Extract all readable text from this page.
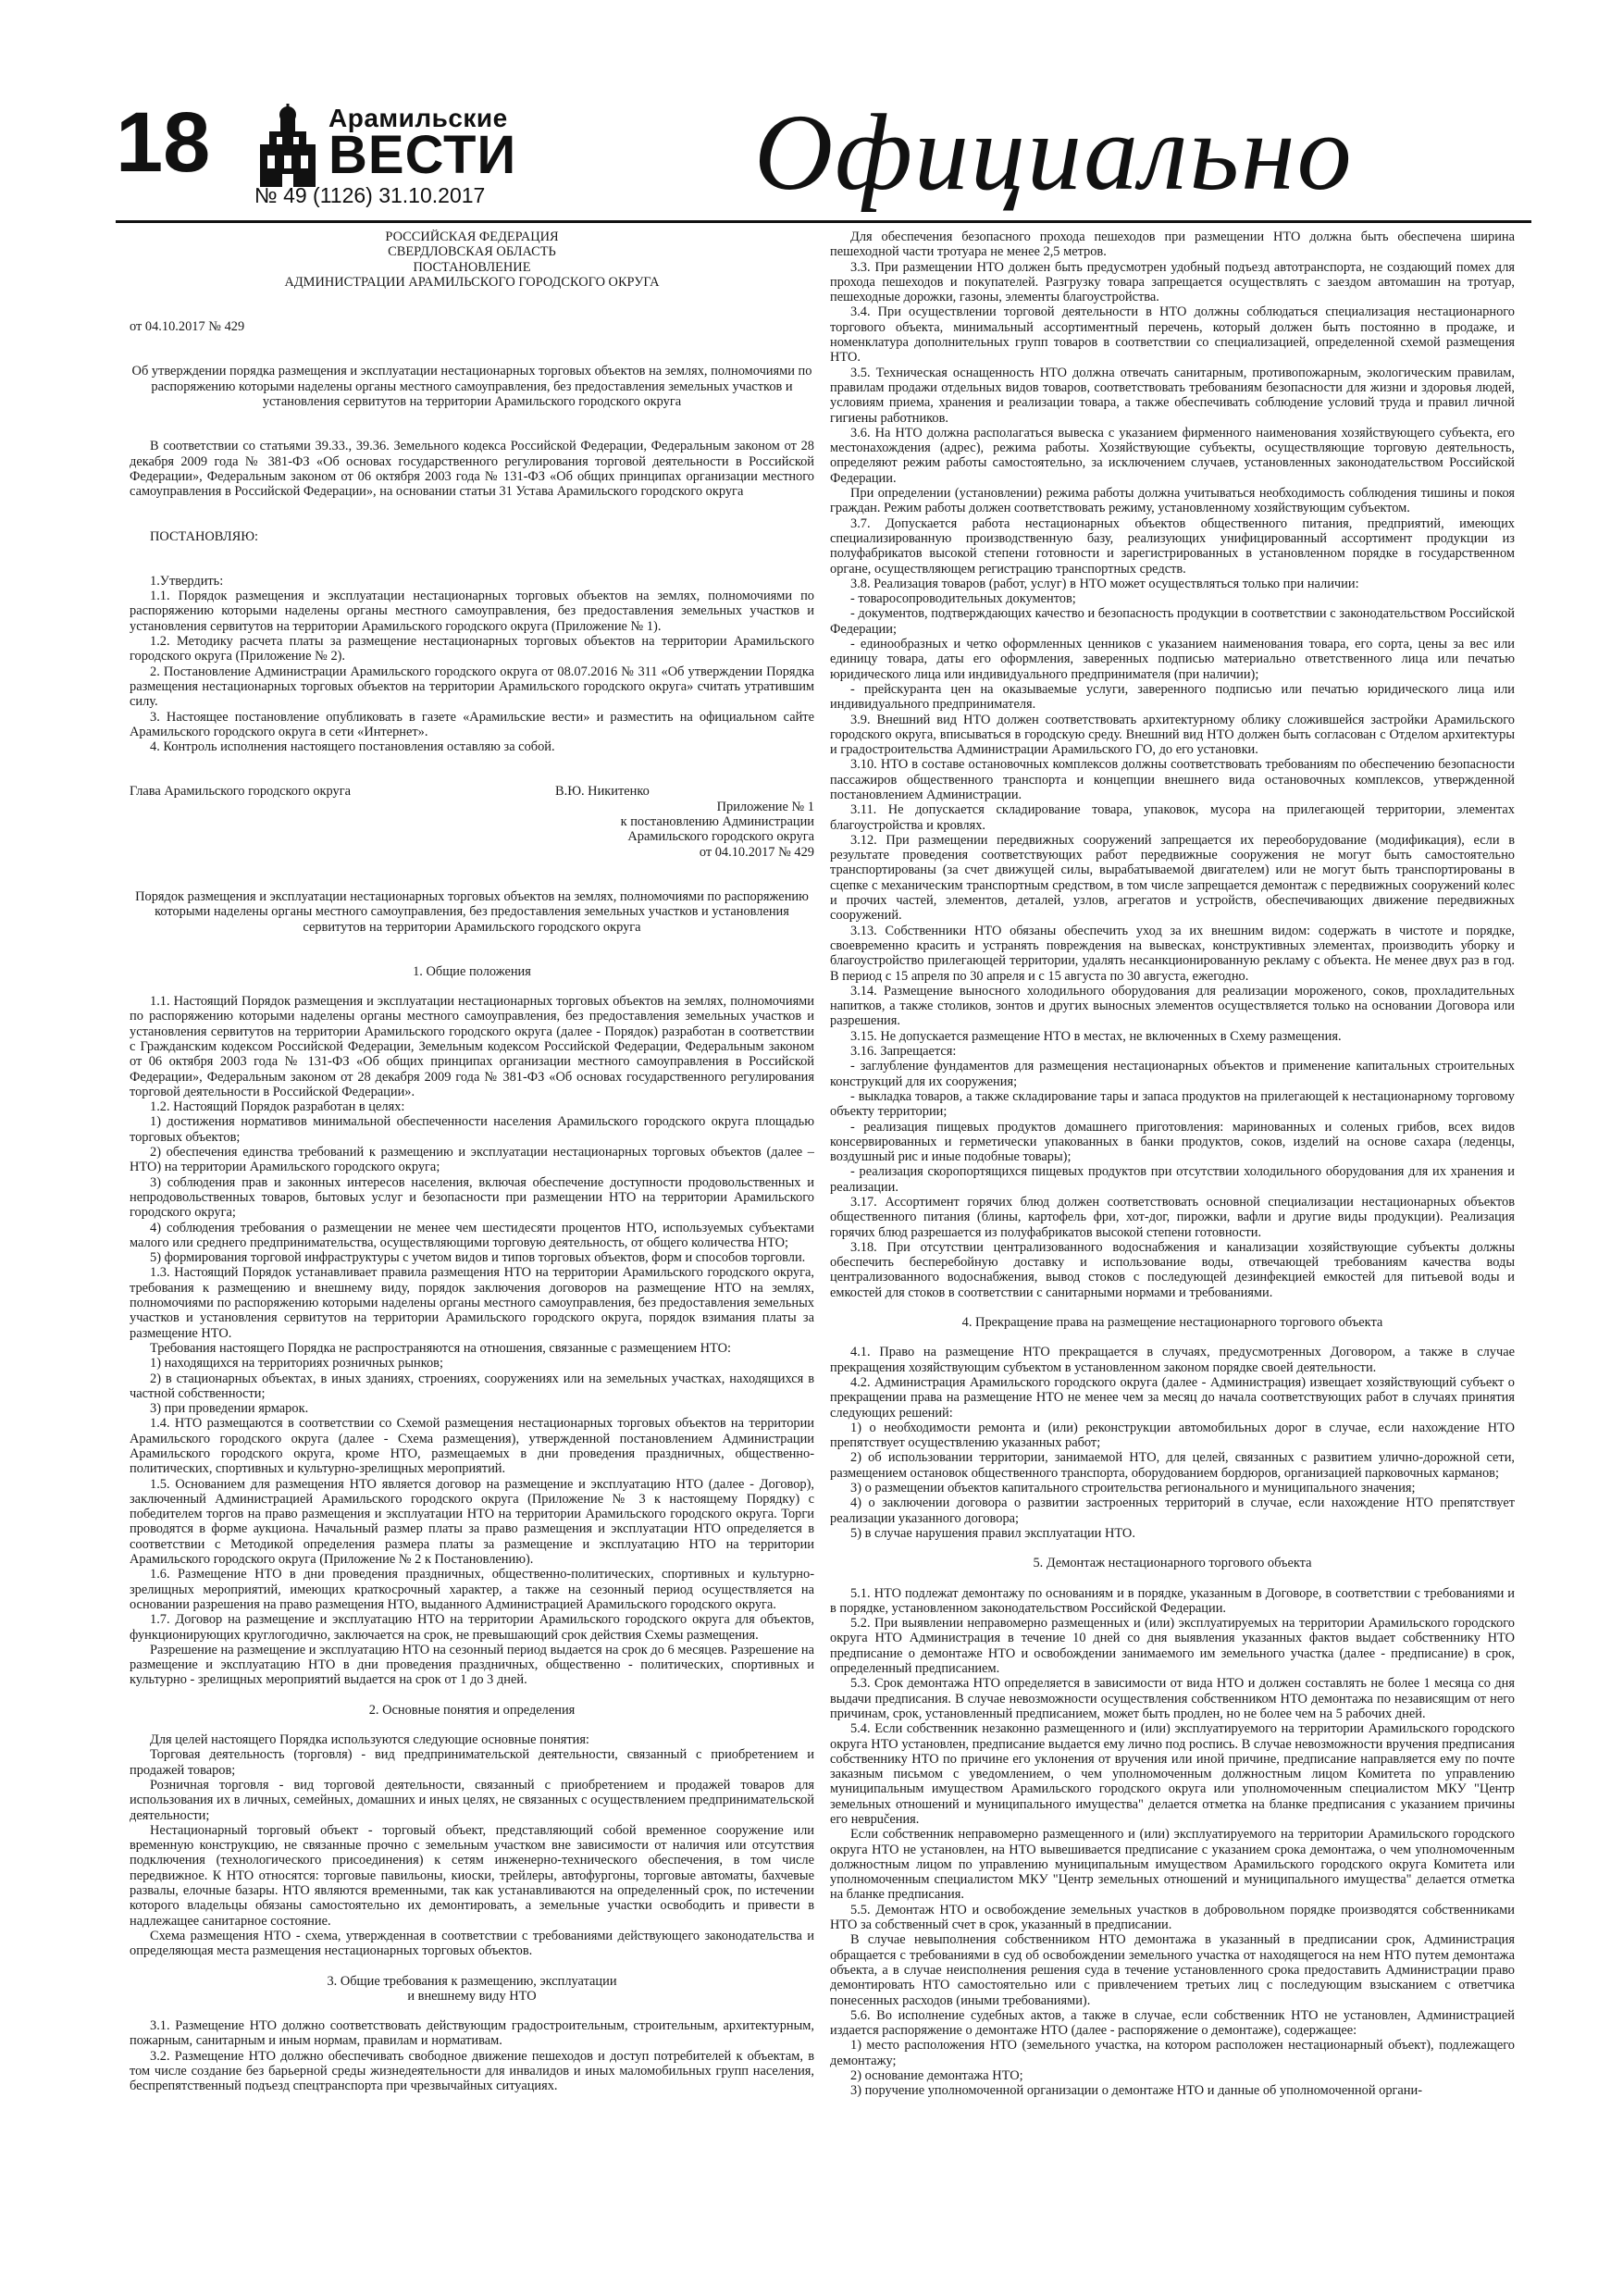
18	Арамильские
ВЕСТИ
№ 49 (1126) 31.10.2017 Официально

РОССИЙСКАЯ ФЕДЕРАЦИЯ

СВЕРДЛОВСКАЯ ОБЛАСТЬ

ПОСТАНОВЛЕНИЕ

АДМИНИСТРАЦИИ АРАМИЛЬСКОГО ГОРОДСКОГО ОКРУГА

от 04.10.2017 № 429

Об утверждении порядка размещения и эксплуатации нестационарных торговых объектов на землях, полномочиями по распоряжению которыми наделены органы местного самоуправления, без предоставления земельных участков и установления сервитутов на территории Арамильского городского округа

В соответствии со статьями 39.33., 39.36. Земельного кодекса Российской Федерации, Федеральным законом от 28 декабря 2009 года № 381-ФЗ «Об основах государственного регулирования торговой деятельности в Российской Федерации», Федеральным законом от 06 октября 2003 года № 131-ФЗ «Об общих принципах организации местного самоуправления в Российской Федерации», на основании статьи 31 Устава Арамильского городского округа

ПОСТАНОВЛЯЮ:

1.Утвердить:

1.1. Порядок размещения и эксплуатации нестационарных торговых объектов на землях, полномочиями по распоряжению которыми наделены органы местного самоуправления, без предоставления земельных участков и установления сервитутов на территории Арамильского городского округа (Приложение № 1).

1.2. Методику расчета платы за размещение нестационарных торговых объектов на территории Арамильского городского округа (Приложение № 2).

2. Постановление Администрации Арамильского городского округа от 08.07.2016 № 311 «Об утверждении Порядка размещения нестационарных торговых объектов на территории Арамильского городского округа» считать утратившим силу.

3. Настоящее постановление опубликовать в газете «Арамильские вести» и разместить на официальном сайте Арамильского городского округа в сети «Интернет».

4. Контроль исполнения настоящего постановления оставляю за собой.

Глава Арамильского городского округа	В.Ю. Никитенко

Приложение № 1

к постановлению Администрации

Арамильского городского округа

от 04.10.2017 № 429

Порядок размещения и эксплуатации нестационарных торговых объектов на землях, полномочиями по распоряжению которыми наделены органы местного самоуправления, без предоставления земельных участков и установления сервитутов на территории Арамильского городского округа

1. Общие положения

1.1. Настоящий Порядок размещения и эксплуатации нестационарных торговых объектов на землях, полномочиями по распоряжению которыми наделены органы местного самоуправления, без предоставления земельных участков и установления сервитутов на территории Арамильского городского округа (далее - Порядок) разработан в соответствии с Гражданским кодексом Российской Федерации, Земельным кодексом Российской Федерации, Федеральным законом от 06 октября 2003 года № 131-ФЗ «Об общих принципах организации местного самоуправления в Российской Федерации», Федеральным законом от 28 декабря 2009 года № 381-ФЗ «Об основах государственного регулирования торговой деятельности в Российской Федерации».

1.2. Настоящий Порядок разработан в целях:

1) достижения нормативов минимальной обеспеченности населения Арамильского городского округа площадью торговых объектов;

2) обеспечения единства требований к размещению и эксплуатации нестационарных торговых объектов (далее – НТО) на территории Арамильского городского округа;

3) соблюдения прав и законных интересов населения, включая обеспечение доступности продовольственных и непродовольственных товаров, бытовых услуг и безопасности при размещении НТО на территории Арамильского городского округа;

4) соблюдения требования о размещении не менее чем шестидесяти процентов НТО, используемых субъектами малого или среднего предпринимательства, осуществляющими торговую деятельность, от общего количества НТО;

5) формирования торговой инфраструктуры с учетом видов и типов торговых объектов, форм и способов торговли.

1.3. Настоящий Порядок устанавливает правила размещения НТО на территории Арамильского городского округа, требования к размещению и внешнему виду, порядок заключения договоров на размещение НТО на землях, полномочиями по распоряжению которыми наделены органы местного самоуправления, без предоставления земельных участков и установления сервитутов на территории Арамильского городского округа, порядок взимания платы за размещение НТО.

Требования настоящего Порядка не распространяются на отношения, связанные с размещением НТО:

1) находящихся на территориях розничных рынков;

2) в стационарных объектах, в иных зданиях, строениях, сооружениях или на земельных участках, находящихся в частной собственности;

3) при проведении ярмарок.

1.4. НТО размещаются в соответствии со Схемой размещения нестационарных торговых объектов на территории Арамильского городского округа (далее - Схема размещения), утвержденной постановлением Администрации Арамильского городского округа, кроме НТО, размещаемых в дни проведения праздничных, общественно-политических, спортивных и культурно-зрелищных мероприятий.

1.5. Основанием для размещения НТО является договор на размещение и эксплуатацию НТО (далее - Договор), заключенный Администрацией Арамильского городского округа (Приложение № 3 к настоящему Порядку) с победителем торгов на право размещения и эксплуатации НТО на территории Арамильского городского округа. Торги проводятся в форме аукциона. Начальный размер платы за право размещения и эксплуатации НТО определяется в соответствии с Методикой определения размера платы за размещение и эксплуатацию НТО на территории Арамильского городского округа (Приложение № 2 к Постановлению).

1.6. Размещение НТО в дни проведения праздничных, общественно-политических, спортивных и культурно-зрелищных мероприятий, имеющих краткосрочный характер, а также на сезонный период осуществляется на основании разрешения на право размещения НТО, выданного Администрацией Арамильского городского округа.

1.7. Договор на размещение и эксплуатацию НТО на территории Арамильского городского округа для объектов, функционирующих круглогодично, заключается на срок, не превышающий срок действия Схемы размещения.

Разрешение на размещение и эксплуатацию НТО на сезонный период выдается на срок до 6 месяцев. Разрешение на размещение и эксплуатацию НТО в дни проведения праздничных, общественно - политических, спортивных и культурно - зрелищных мероприятий выдается на срок от 1 до 3 дней.

2. Основные понятия и определения

Для целей настоящего Порядка используются следующие основные понятия:

Торговая деятельность (торговля) - вид предпринимательской деятельности, связанный с приобретением и продажей товаров;

Розничная торговля - вид торговой деятельности, связанный с приобретением и продажей товаров для использования их в личных, семейных, домашних и иных целях, не связанных с осуществлением предпринимательской деятельности;

Нестационарный торговый объект - торговый объект, представляющий собой временное сооружение или временную конструкцию, не связанные прочно с земельным участком вне зависимости от наличия или отсутствия подключения (технологического присоединения) к сетям инженерно-технического обеспечения, в том числе передвижное. К НТО относятся: торговые павильоны, киоски, трейлеры, автофургоны, торговые автоматы, бахчевые развалы, елочные базары. НТО являются временными, так как устанавливаются на определенный срок, по истечении которого владельцы обязаны самостоятельно их демонтировать, а земельные участки освободить и привести в надлежащее санитарное состояние.

Схема размещения НТО - схема, утвержденная в соответствии с требованиями действующего законодательства и определяющая места размещения нестационарных торговых объектов.

3. Общие требования к размещению, эксплуатации

и внешнему виду НТО

3.1. Размещение НТО должно соответствовать действующим градостроительным, строительным, архитектурным, пожарным, санитарным и иным нормам, правилам и нормативам.

3.2. Размещение НТО должно обеспечивать свободное движение пешеходов и доступ потребителей к объектам, в том числе создание без барьерной среды жизнедеятельности для инвалидов и иных маломобильных групп населения, беспрепятственный подъезд спецтранспорта при чрезвычайных ситуациях.

Для обеспечения безопасного прохода пешеходов при размещении НТО должна быть обеспечена ширина пешеходной части тротуара не менее 2,5 метров.

3.3. При размещении НТО должен быть предусмотрен удобный подъезд автотранспорта, не создающий помех для прохода пешеходов и покупателей. Разгрузку товара запрещается осуществлять с заездом автомашин на тротуар, пешеходные дорожки, газоны, элементы благоустройства.

3.4. При осуществлении торговой деятельности в НТО должны соблюдаться специализация нестационарного торгового объекта, минимальный ассортиментный перечень, который должен быть постоянно в продаже, и номенклатура дополнительных групп товаров в соответствии со специализацией, определенной схемой размещения НТО.

3.5. Техническая оснащенность НТО должна отвечать санитарным, противопожарным, экологическим правилам, правилам продажи отдельных видов товаров, соответствовать требованиям безопасности для жизни и здоровья людей, условиям приема, хранения и реализации товара, а также обеспечивать соблюдение условий труда и правил личной гигиены работников.

3.6. На НТО должна располагаться вывеска с указанием фирменного наименования хозяйствующего субъекта, его местонахождения (адрес), режима работы. Хозяйствующие субъекты, осуществляющие торговую деятельность, определяют режим работы самостоятельно, за исключением случаев, установленных законодательством Российской Федерации.

При определении (установлении) режима работы должна учитываться необходимость соблюдения тишины и покоя граждан. Режим работы должен соответствовать режиму, установленному хозяйствующим субъектом.

3.7. Допускается работа нестационарных объектов общественного питания, предприятий, имеющих специализированную производственную базу, реализующих унифицированный ассортимент продукции из полуфабрикатов высокой степени готовности и зарегистрированных в установленном порядке в государственном органе, осуществляющем регистрацию транспортных средств.

3.8. Реализация товаров (работ, услуг) в НТО может осуществляться только при наличии:

- товаросопроводительных документов;

- документов, подтверждающих качество и безопасность продукции в соответствии с законодательством Российской Федерации;

- единообразных и четко оформленных ценников с указанием наименования товара, его сорта, цены за вес или единицу товара, даты его оформления, заверенных подписью материально ответственного лица или печатью юридического лица или индивидуального предпринимателя (при наличии);

- прейскуранта цен на оказываемые услуги, заверенного подписью или печатью юридического лица или индивидуального предпринимателя.

3.9. Внешний вид НТО должен соответствовать архитектурному облику сложившейся застройки Арамильского городского округа, вписываться в городскую среду. Внешний вид НТО должен быть согласован с Отделом архитектуры и градостроительства Администрации Арамильского ГО, до его установки.

3.10. НТО в составе остановочных комплексов должны соответствовать требованиям по обеспечению безопасности пассажиров общественного транспорта и концепции внешнего вида остановочных комплексов, утвержденной постановлением Администрации.

3.11. Не допускается складирование товара, упаковок, мусора на прилегающей территории, элементах благоустройства и кровлях.

3.12. При размещении передвижных сооружений запрещается их переоборудование (модификация), если в результате проведения соответствующих работ передвижные сооружения не могут быть самостоятельно транспортированы (за счет движущей силы, вырабатываемой двигателем) или не могут быть транспортированы в сцепке с механическим транспортным средством, в том числе запрещается демонтаж с передвижных сооружений колес и прочих частей, элементов, деталей, узлов, агрегатов и устройств, обеспечивающих движение передвижных сооружений.

3.13. Собственники НТО обязаны обеспечить уход за их внешним видом: содержать в чистоте и порядке, своевременно красить и устранять повреждения на вывесках, конструктивных элементах, производить уборку и благоустройство прилегающей территории, удалять несанкционированную рекламу с объекта. Не менее двух раз в год. В период с 15 апреля по 30 апреля и с 15 августа по 30 августа, ежегодно.

3.14. Размещение выносного холодильного оборудования для реализации мороженого, соков, прохладительных напитков, а также столиков, зонтов и других выносных элементов осуществляется только на основании Договора или разрешения.

3.15. Не допускается размещение НТО в местах, не включенных в Схему размещения.

3.16. Запрещается:

- заглубление фундаментов для размещения нестационарных объектов и применение капитальных строительных конструкций для их сооружения;

- выкладка товаров, а также складирование тары и запаса продуктов на прилегающей к нестационарному торговому объекту территории;

- реализация пищевых продуктов домашнего приготовления: маринованных и соленых грибов, всех видов консервированных и герметически упакованных в банки продуктов, соков, изделий на основе сахара (леденцы, воздушный рис и иные подобные товары);

- реализация скоропортящихся пищевых продуктов при отсутствии холодильного оборудования для их хранения и реализации.

3.17. Ассортимент горячих блюд должен соответствовать основной специализации нестационарных объектов общественного питания (блины, картофель фри, хот-дог, пирожки, вафли и другие виды продукции). Реализация горячих блюд разрешается из полуфабрикатов высокой степени готовности.

3.18. При отсутствии централизованного водоснабжения и канализации хозяйствующие субъекты должны обеспечить бесперебойную доставку и использование воды, отвечающей требованиям качества воды централизованного водоснабжения, вывод стоков с последующей дезинфекцией емкостей для питьевой воды и емкостей для стоков в соответствии с санитарными нормами и требованиями.

4. Прекращение права на размещение нестационарного торгового объекта

4.1. Право на размещение НТО прекращается в случаях, предусмотренных Договором, а также в случае прекращения хозяйствующим субъектом в установленном законом порядке своей деятельности.

4.2. Администрация Арамильского городского округа (далее - Администрация) извещает хозяйствующий субъект о прекращении права на размещение НТО не менее чем за месяц до начала соответствующих работ в случаях принятия следующих решений:

1) о необходимости ремонта и (или) реконструкции автомобильных дорог в случае, если нахождение НТО препятствует осуществлению указанных работ;

2) об использовании территории, занимаемой НТО, для целей, связанных с развитием улично-дорожной сети, размещением остановок общественного транспорта, оборудованием бордюров, организацией парковочных карманов;

3) о размещении объектов капитального строительства регионального и муниципального значения;

4) о заключении договора о развитии застроенных территорий в случае, если нахождение НТО препятствует реализации указанного договора;

5) в случае нарушения правил эксплуатации НТО.

5. Демонтаж нестационарного торгового объекта

5.1. НТО подлежат демонтажу по основаниям и в порядке, указанным в Договоре, в соответствии с требованиями и в порядке, установленном законодательством Российской Федерации.

5.2. При выявлении неправомерно размещенных и (или) эксплуатируемых на территории Арамильского городского округа НТО Администрация в течение 10 дней со дня выявления указанных фактов выдает собственнику НТО предписание о демонтаже НТО и освобождении занимаемого им земельного участка (далее - предписание) в срок, определенный предписанием.

5.3. Срок демонтажа НТО определяется в зависимости от вида НТО и должен составлять не более 1 месяца со дня выдачи предписания. В случае невозможности осуществления собственником НТО демонтажа по независящим от него причинам, срок, установленный предписанием, может быть продлен, но не более чем на 5 рабочих дней.

5.4. Если собственник незаконно размещенного и (или) эксплуатируемого на территории Арамильского городского округа НТО установлен, предписание выдается ему лично под роспись. В случае невозможности вручения предписания собственнику НТО по причине его уклонения от вручения или иной причине, предписание направляется ему по почте заказным письмом с уведомлением, о чем уполномоченным должностным лицом Комитета по управлению муниципальным имуществом Арамильского городского округа или уполномоченным специалистом МКУ "Центр земельных отношений и муниципального имущества" делается отметка на бланке предписания с указанием причины его неврučения.

Если собственник неправомерно размещенного и (или) эксплуатируемого на территории Арамильского городского округа НТО не установлен, на НТО вывешивается предписание с указанием срока демонтажа, о чем уполномоченным должностным лицом по управлению муниципальным имуществом Арамильского городского округа Комитета или уполномоченным специалистом МКУ "Центр земельных отношений и муниципального имущества" делается отметка на бланке предписания.

5.5. Демонтаж НТО и освобождение земельных участков в добровольном порядке производятся собственниками НТО за собственный счет в срок, указанный в предписании.

В случае невыполнения собственником НТО демонтажа в указанный в предписании срок, Администрация обращается с требованиями в суд об освобождении земельного участка от находящегося на нем НТО путем демонтажа объекта, а в случае неисполнения решения суда в течение установленного срока предоставить Администрации право демонтировать НТО самостоятельно или с привлечением третьих лиц с последующим взысканием с ответчика понесенных расходов (иными требованиями).

5.6. Во исполнение судебных актов, а также в случае, если собственник НТО не установлен, Администрацией издается распоряжение о демонтаже НТО (далее - распоряжение о демонтаже), содержащее:

1) место расположения НТО (земельного участка, на котором расположен нестационарный объект), подлежащего демонтажу;

2) основание демонтажа НТО;

3) поручение уполномоченной организации о демонтаже НТО и данные об уполномоченной органи-
